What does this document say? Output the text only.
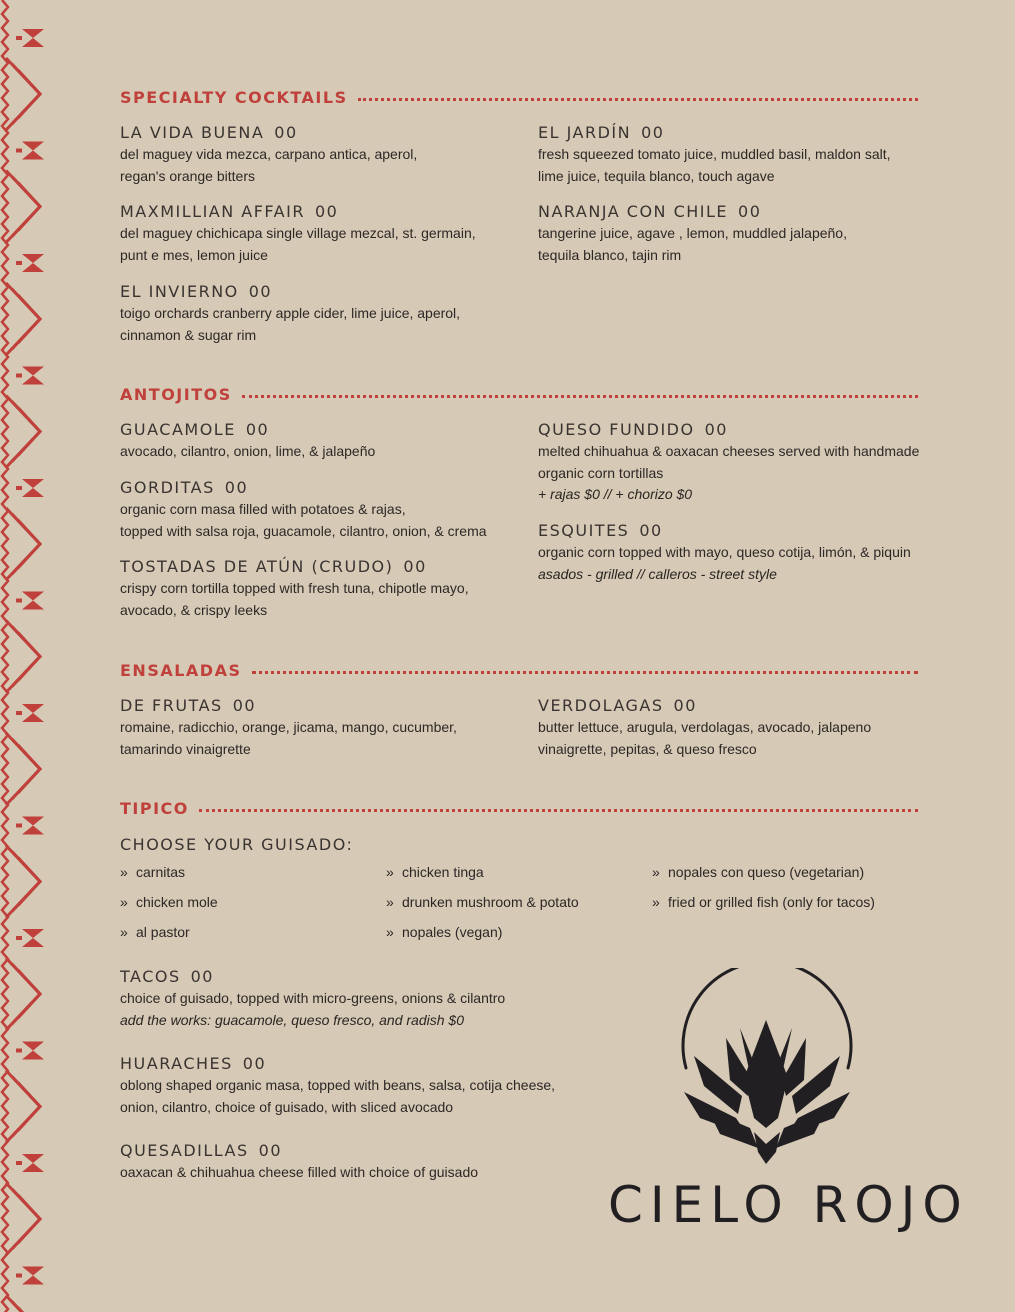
SPECIALTY COCKTAILS
LA VIDA BUENA 00
del maguey vida mezca, carpano antica, aperol,
regan's orange bitters
MAXMILLIAN AFFAIR 00
del maguey chichicapa single village mezcal, st. germain,
punt e mes, lemon juice
EL INVIERNO 00
toigo orchards cranberry apple cider, lime juice, aperol,
cinnamon & sugar rim
EL JARDÍN 00
fresh squeezed tomato juice, muddled basil, maldon salt,
lime juice, tequila blanco, touch agave
NARANJA CON CHILE 00
tangerine juice, agave , lemon, muddled jalapeño,
tequila blanco, tajin rim
ANTOJITOS
GUACAMOLE 00
avocado, cilantro, onion, lime, & jalapeño
GORDITAS 00
organic corn masa filled with potatoes & rajas,
topped with salsa roja, guacamole, cilantro, onion, & crema
TOSTADAS DE ATÚN (CRUDO) 00
crispy corn tortilla topped with fresh tuna, chipotle mayo,
avocado, & crispy leeks
QUESO FUNDIDO 00
melted chihuahua & oaxacan cheeses served with handmade
organic corn tortillas
+ rajas $0 // + chorizo $0
ESQUITES 00
organic corn topped with mayo, queso cotija, limón, & piquin
asados - grilled // calleros - street style
ENSALADAS
DE FRUTAS 00
romaine, radicchio, orange, jicama, mango, cucumber,
tamarindo vinaigrette
VERDOLAGAS 00
butter lettuce, arugula, verdolagas, avocado, jalapeno
vinaigrette, pepitas, & queso fresco
TIPICO
CHOOSE YOUR GUISADO:
» carnitas
» chicken mole
» al pastor
» chicken tinga
» drunken mushroom & potato
» nopales (vegan)
» nopales con queso (vegetarian)
» fried or grilled fish (only for tacos)
TACOS 00
choice of guisado, topped with micro-greens, onions & cilantro
add the works: guacamole, queso fresco, and radish $0
HUARACHES 00
oblong shaped organic masa, topped with beans, salsa, cotija cheese,
onion, cilantro, choice of guisado, with sliced avocado
QUESADILLAS 00
oaxacan & chihuahua cheese filled with choice of guisado
CIELO ROJO
